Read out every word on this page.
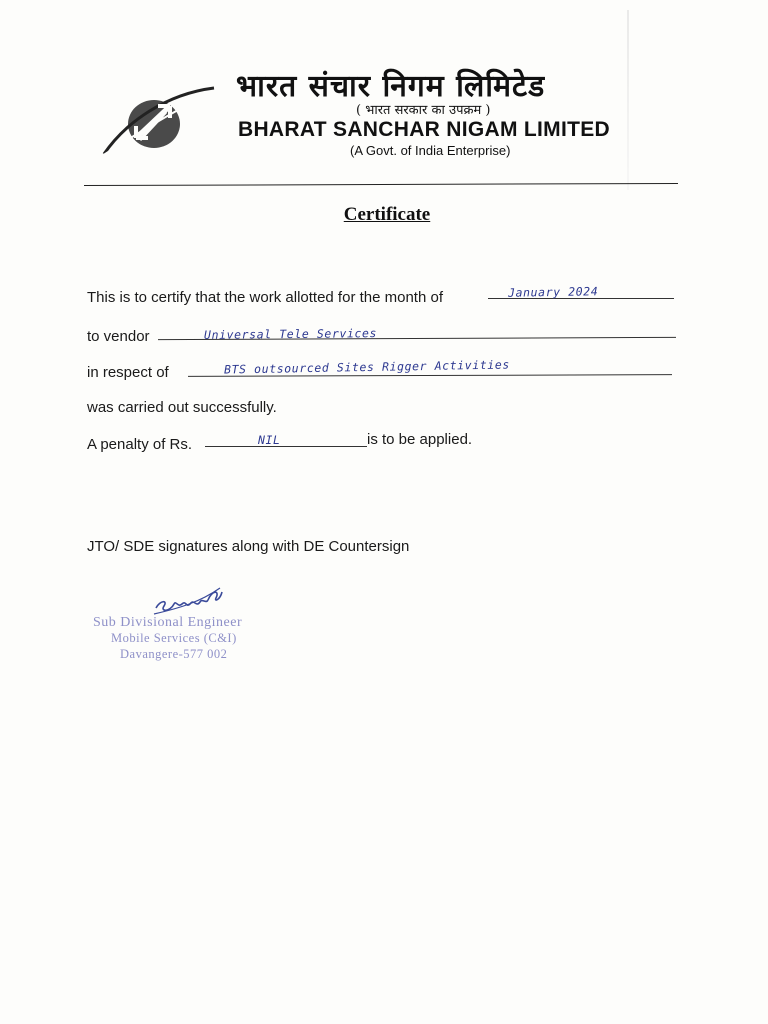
भारत संचार निगम लिमिटेड
( भारत सरकार का उपक्रम )
BHARAT SANCHAR NIGAM LIMITED
(A Govt. of India Enterprise)
Certificate
This is to certify that the work allotted for the month of	January 2024
to vendor	Universal Tele Services
in respect of	BTS outsourced Sites Rigger Activities
was carried out successfully.
A penalty of Rs.	NIL	is to be applied.
JTO/ SDE signatures along with DE Countersign
Sub Divisional Engineer
Mobile Services (C&I)
Davangere-577 002
